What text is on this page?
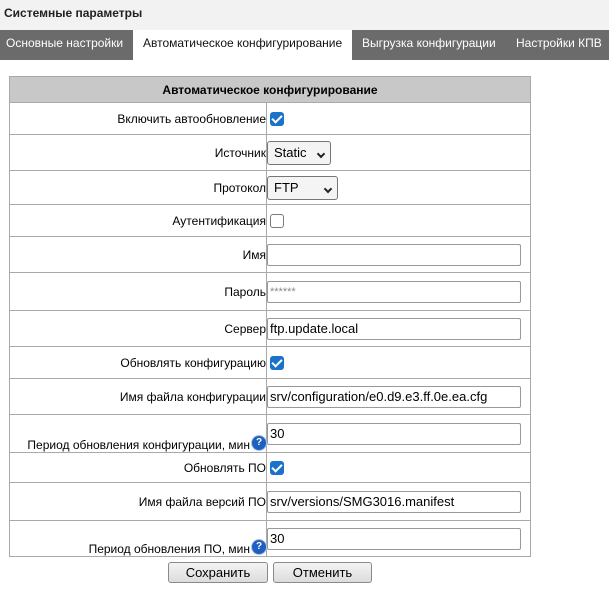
Системные параметры
Основные настройки	Автоматическое конфигурирование	Выгрузка конфигурации	Настройки КПВ
Автоматическое конфигурирование	
Включить автообновление	
Источник	Static

Протокол	FTP

Аутентификация	
Имя	

Пароль	******

Сервер	ftp.update.local

Обновлять конфигурацию	
Имя файла конфигурации	srv/configuration/e0.d9.e3.ff.0e.ea.cfg

Период обновления конфигурации, мин ?	30

Обновлять ПО	
Имя файла версий ПО	srv/versions/SMG3016.manifest

Период обновления ПО, мин ?	30
Сохранить	Отменить
